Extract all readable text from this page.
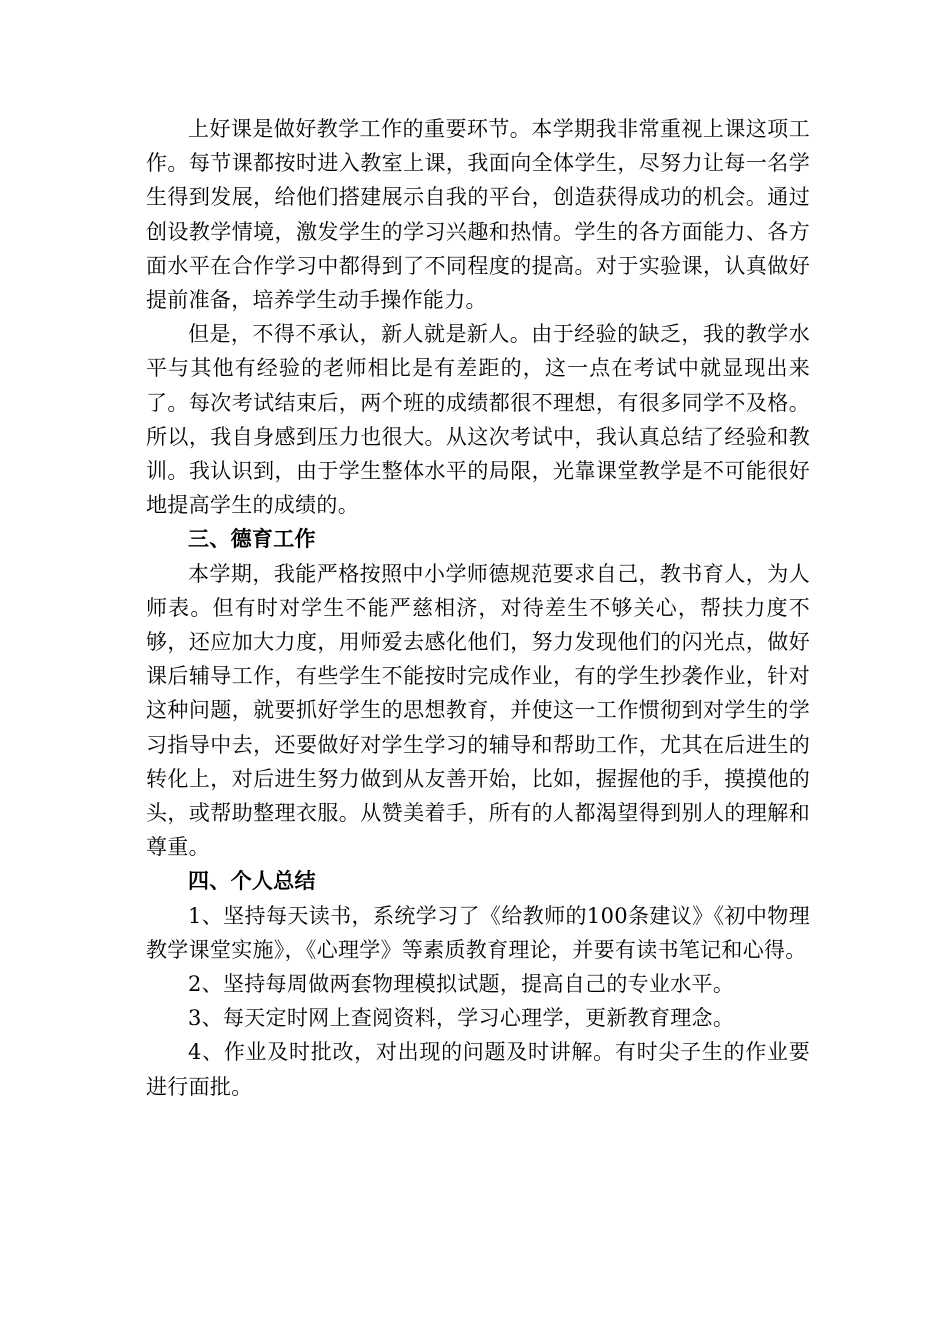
上好课是做好教学工作的重要环节。本学期我非常重视上课这项工作。每节课都按时进入教室上课，我面向全体学生，尽努力让每一名学生得到发展，给他们搭建展示自我的平台，创造获得成功的机会。通过创设教学情境，激发学生的学习兴趣和热情。学生的各方面能力、各方面水平在合作学习中都得到了不同程度的提高。对于实验课，认真做好提前准备，培养学生动手操作能力。

但是，不得不承认，新人就是新人。由于经验的缺乏，我的教学水平与其他有经验的老师相比是有差距的，这一点在考试中就显现出来了。每次考试结束后，两个班的成绩都很不理想，有很多同学不及格。所以，我自身感到压力也很大。从这次考试中，我认真总结了经验和教训。我认识到，由于学生整体水平的局限，光靠课堂教学是不可能很好地提高学生的成绩的。

三、德育工作

本学期，我能严格按照中小学师德规范要求自己，教书育人，为人师表。但有时对学生不能严慈相济，对待差生不够关心，帮扶力度不够，还应加大力度，用师爱去感化他们，努力发现他们的闪光点，做好课后辅导工作，有些学生不能按时完成作业，有的学生抄袭作业，针对这种问题，就要抓好学生的思想教育，并使这一工作惯彻到对学生的学习指导中去，还要做好对学生学习的辅导和帮助工作，尤其在后进生的转化上，对后进生努力做到从友善开始，比如，握握他的手，摸摸他的头，或帮助整理衣服。从赞美着手，所有的人都渴望得到别人的理解和尊重。

四、个人总结

1、坚持每天读书，系统学习了《给教师的100条建议》《初中物理教学课堂实施》，《心理学》等素质教育理论，并要有读书笔记和心得。

2、坚持每周做两套物理模拟试题，提高自己的专业水平。

3、每天定时网上查阅资料，学习心理学，更新教育理念。

4、作业及时批改，对出现的问题及时讲解。有时尖子生的作业要进行面批。
